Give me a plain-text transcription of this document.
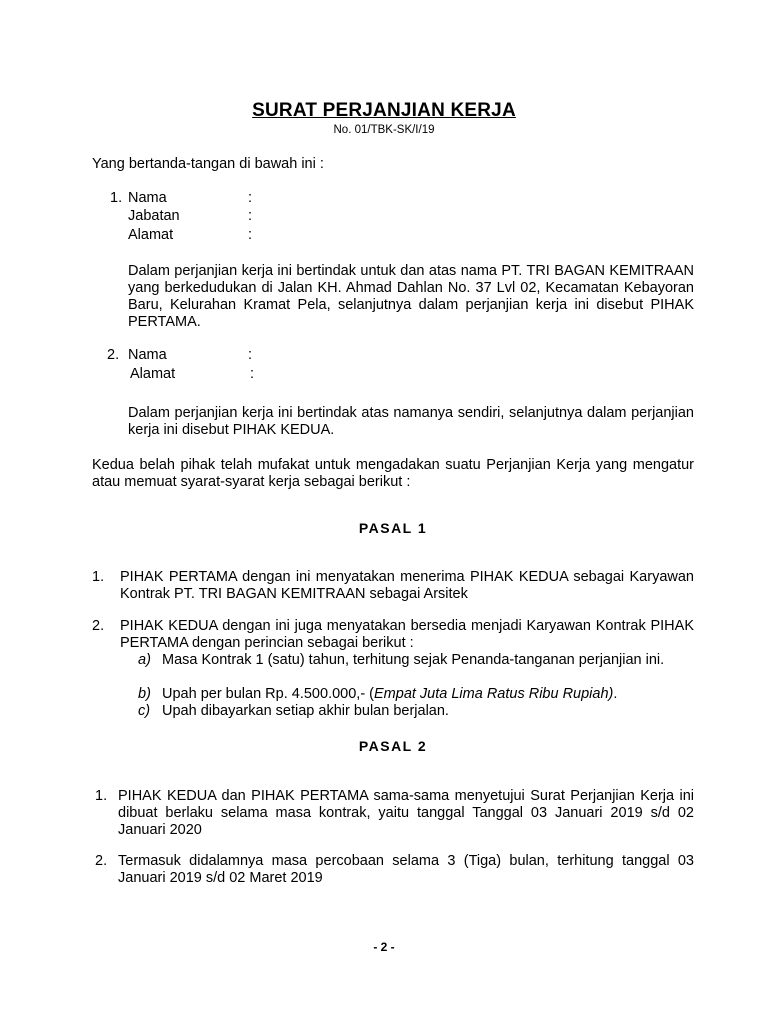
SURAT PERJANJIAN KERJA
No. 01/TBK-SK/I/19
Yang bertanda-tangan di bawah ini :
1. Nama	:
Jabatan	:
Alamat	:
Dalam perjanjian kerja ini bertindak untuk dan atas nama PT. TRI BAGAN KEMITRAAN yang berkedudukan di Jalan KH. Ahmad Dahlan No. 37 Lvl 02, Kecamatan Kebayoran Baru, Kelurahan Kramat Pela, selanjutnya dalam perjanjian kerja ini disebut PIHAK PERTAMA.
2. Nama	:
Alamat	:
Dalam perjanjian kerja ini bertindak atas namanya sendiri, selanjutnya dalam perjanjian kerja ini disebut PIHAK KEDUA.
Kedua belah pihak telah mufakat untuk mengadakan suatu Perjanjian Kerja yang mengatur atau memuat syarat-syarat kerja sebagai berikut :
PASAL 1
1. PIHAK PERTAMA dengan ini menyatakan menerima PIHAK KEDUA sebagai Karyawan Kontrak PT. TRI BAGAN KEMITRAAN sebagai Arsitek
2. PIHAK KEDUA dengan ini juga menyatakan bersedia menjadi Karyawan Kontrak PIHAK PERTAMA dengan perincian sebagai berikut :
a) Masa Kontrak 1 (satu) tahun, terhitung sejak Penanda-tanganan perjanjian ini.
b) Upah per bulan Rp. 4.500.000,- (Empat Juta Lima Ratus Ribu Rupiah).
c) Upah dibayarkan setiap akhir bulan berjalan.
PASAL 2
1. PIHAK KEDUA dan PIHAK PERTAMA sama-sama menyetujui Surat Perjanjian Kerja ini dibuat berlaku selama masa kontrak, yaitu tanggal Tanggal 03 Januari 2019 s/d 02 Januari 2020
2. Termasuk didalamnya masa percobaan selama 3 (Tiga) bulan, terhitung tanggal 03 Januari 2019 s/d 02 Maret 2019
- 2 -
